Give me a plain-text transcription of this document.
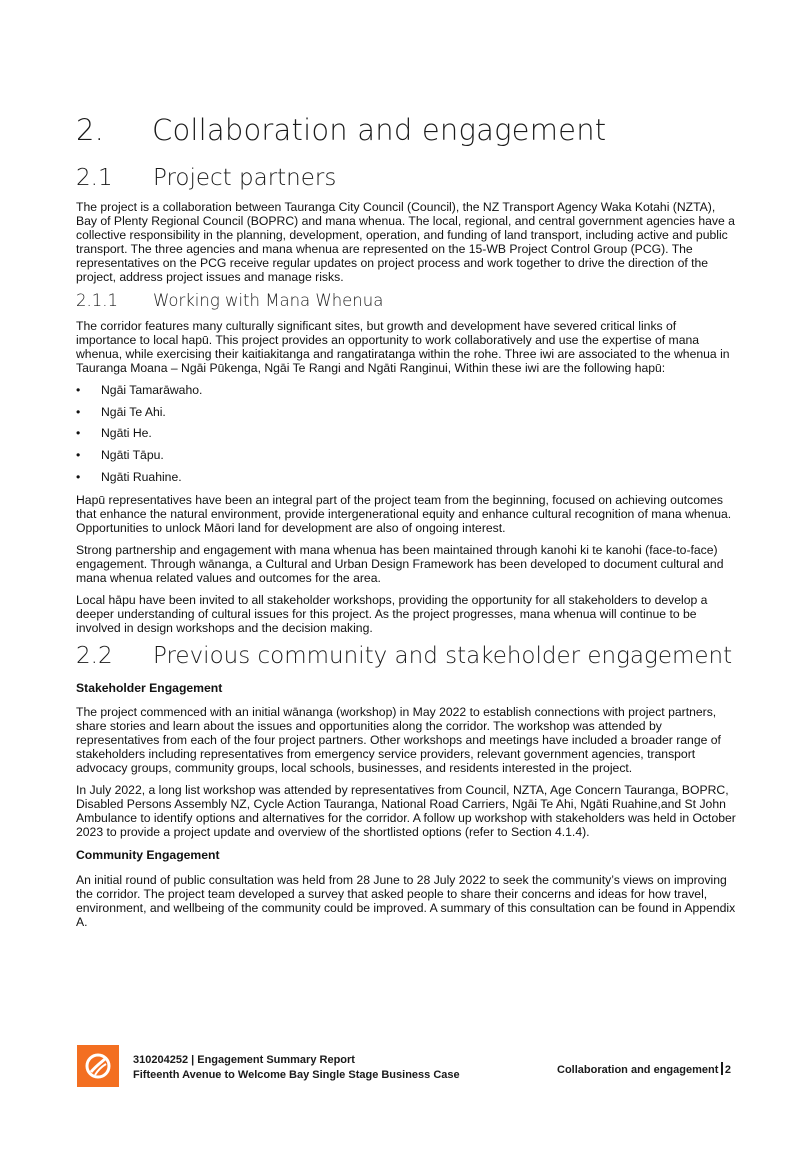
2. Collaboration and engagement
2.1 Project partners

The project is a collaboration between Tauranga City Council (Council), the NZ Transport Agency Waka Kotahi (NZTA), Bay of Plenty Regional Council (BOPRC) and mana whenua. The local, regional, and central government agencies have a collective responsibility in the planning, development, operation, and funding of land transport, including active and public transport. The three agencies and mana whenua are represented on the 15-WB Project Control Group (PCG). The representatives on the PCG receive regular updates on project process and work together to drive the direction of the project, address project issues and manage risks.

2.1.1 Working with Mana Whenua

The corridor features many culturally significant sites, but growth and development have severed critical links of importance to local hapū. This project provides an opportunity to work collaboratively and use the expertise of mana whenua, while exercising their kaitiakitanga and rangatiratanga within the rohe. Three iwi are associated to the whenua in Tauranga Moana – Ngāi Pūkenga, Ngāi Te Rangi and Ngāti Ranginui, Within these iwi are the following hapū:

• Ngāi Tamarāwaho.
• Ngāi Te Ahi.
• Ngāti He.
• Ngāti Tāpu.
• Ngāti Ruahine.

Hapū representatives have been an integral part of the project team from the beginning, focused on achieving outcomes that enhance the natural environment, provide intergenerational equity and enhance cultural recognition of mana whenua. Opportunities to unlock Māori land for development are also of ongoing interest.

Strong partnership and engagement with mana whenua has been maintained through kanohi ki te kanohi (face-to-face) engagement. Through wānanga, a Cultural and Urban Design Framework has been developed to document cultural and mana whenua related values and outcomes for the area.

Local hāpu have been invited to all stakeholder workshops, providing the opportunity for all stakeholders to develop a deeper understanding of cultural issues for this project. As the project progresses, mana whenua will continue to be involved in design workshops and the decision making.

2.2 Previous community and stakeholder engagement

Stakeholder Engagement

The project commenced with an initial wānanga (workshop) in May 2022 to establish connections with project partners, share stories and learn about the issues and opportunities along the corridor. The workshop was attended by representatives from each of the four project partners. Other workshops and meetings have included a broader range of stakeholders including representatives from emergency service providers, relevant government agencies, transport advocacy groups, community groups, local schools, businesses, and residents interested in the project.

In July 2022, a long list workshop was attended by representatives from Council, NZTA, Age Concern Tauranga, BOPRC, Disabled Persons Assembly NZ, Cycle Action Tauranga, National Road Carriers, Ngāi Te Ahi, Ngāti Ruahine,and St John Ambulance to identify options and alternatives for the corridor. A follow up workshop with stakeholders was held in October 2023 to provide a project update and overview of the shortlisted options (refer to Section 4.1.4).

Community Engagement

An initial round of public consultation was held from 28 June to 28 July 2022 to seek the community’s views on improving the corridor. The project team developed a survey that asked people to share their concerns and ideas for how travel, environment, and wellbeing of the community could be improved. A summary of this consultation can be found in Appendix A.

310204252 | Engagement Summary Report
Fifteenth Avenue to Welcome Bay Single Stage Business Case	Collaboration and engagement 2
